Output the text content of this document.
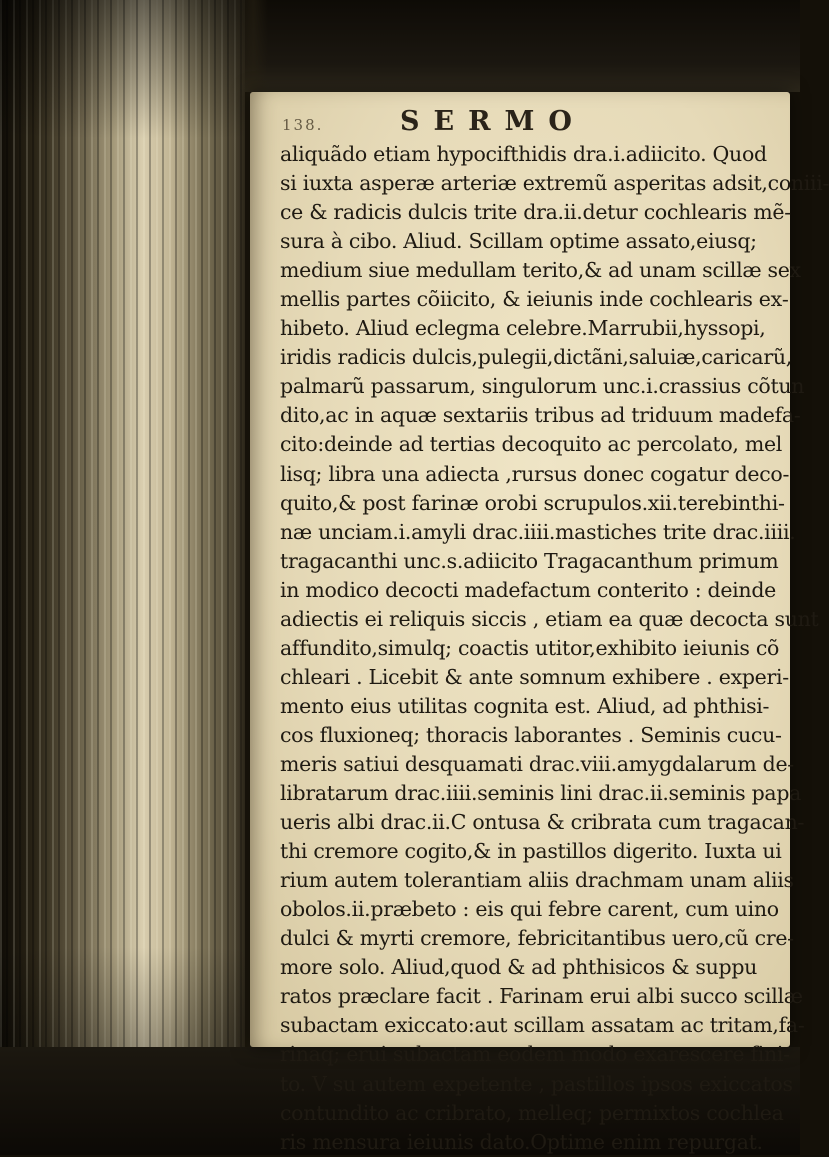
138.	SERMO
aliquãdo etiam hypocifthidis dra.i.adiicito. Quod
si iuxta asperæ arteriæ extremũ asperitas adsit,coniii‑
ce & radicis dulcis trite dra.ii.detur cochlearis mẽ‑
sura à cibo. Aliud. Scillam optime assato,eiusq;
medium siue medullam terito,& ad unam scillæ sex
mellis partes cõiicito, & ieiunis inde cochlearis ex‑
hibeto. Aliud eclegma celebre.Marrubii,hyssopi,
iridis radicis dulcis,pulegii,dictãni,saluiæ,caricarũ,
palmarũ passarum, singulorum unc.i.crassius cõtun
dito,ac in aquæ sextariis tribus ad triduum madefa‑
cito:deinde ad tertias decoquito ac percolato, mel
lisq; libra una adiecta ,rursus donec cogatur deco‑
quito,& post farinæ orobi scrupulos.xii.terebinthi‑
næ unciam.i.amyli drac.iiii.mastiches trite drac.iiii.
tragacanthi unc.s.adiicito Tragacanthum primum
in modico decocti madefactum conterito : deinde
adiectis ei reliquis siccis , etiam ea quæ decocta sunt
affundito,simulq; coactis utitor,exhibito ieiunis cõ
chleari . Licebit & ante somnum exhibere . experi‑
mento eius utilitas cognita est. Aliud, ad phthisi‑
cos fluxioneq; thoracis laborantes . Seminis cucu‑
meris satiui desquamati drac.viii.amygdalarum de‑
libratarum drac.iiii.seminis lini drac.ii.seminis papa
ueris albi drac.ii.C ontusa & cribrata cum tragacan‑
thi cremore cogito,& in pastillos digerito. Iuxta ui
rium autem tolerantiam aliis drachmam unam aliis
obolos.ii.præbeto : eis qui febre carent, cum uino
dulci & myrti cremore, febricitantibus uero,cũ cre‑
more solo. Aliud,quod & ad phthisicos & suppu
ratos præclare facit . Farinam erui albi succo scillæ
subactam exiccato:aut scillam assatam ac tritam,fa‑
rinaq; erui subactam eodem modo exarescere fini‑
to. V su autem expetente , pastillos ipsos exiccatos
contundito ac cribrato, melleq; permixtos cochlea
ris mensura ieiunis dato.Optime enim repurgat.
